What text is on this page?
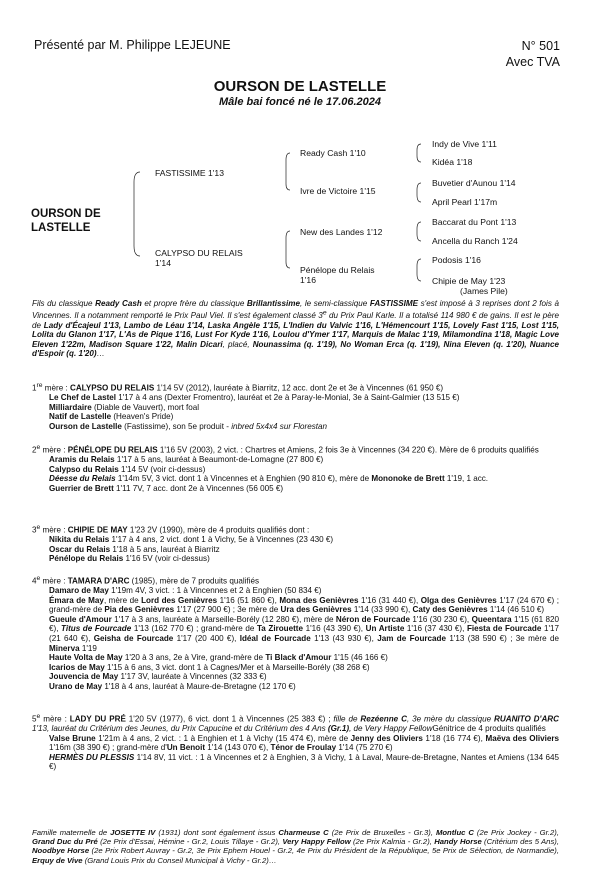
Présenté par M. Philippe LEJEUNE	N° 501
Avec TVA
OURSON DE LASTELLE
Mâle bai foncé né le 17.06.2024
OURSON DE
LASTELLE
FASTISSIME 1'13
CALYPSO DU RELAIS
1'14
Ready Cash 1'10
Ivre de Victoire 1'15
New des Landes 1'12
Pénélope du Relais
1'16
Indy de Vive 1'11
Kidéa 1'18
Buvetier d'Aunou 1'14
April Pearl 1'17m
Baccarat du Pont 1'13
Ancella du Ranch 1'24
Podosis 1'16
Chipie de May 1'23
(James Pile)

Fils du classique Ready Cash et propre frère du classique Brillantissime, le semi-classique FASTISSIME s'est imposé à 3 reprises dont 2 fois à Vincennes. Il a notamment remporté le Prix Paul Viel. Il s'est également classé 3e du Prix Paul Karle. Il a totalisé 114 980 € de gains. Il est le père de Lady d'Écajeul 1'13, Lambo de Léau 1'14, Laska Angèle 1'15, L'Indien du Valvic 1'16, L'Hémencourt 1'15, Lovely Fast 1'15, Lost 1'15, Lolita du Glanon 1'17, L'As de Pique 1'16, Lust For Kyde 1'16, Loulou d'Ymer 1'17, Marquis de Malac 1'19, Milamondina 1'18, Magic Love Eleven 1'22m, Madison Square 1'22, Malin Dicari, placé, Nounassima (q. 1'19), No Woman Erca (q. 1'19), Nina Eleven (q. 1'20), Nuance d'Espoir (q. 1'20)…

1re mère : CALYPSO DU RELAIS 1'14 5V (2012), lauréate à Biarritz, 12 acc. dont 2e et 3e à Vincennes (61 950 €)

Le Chef de Lastel 1'17 à 4 ans (Dexter Fromentro), lauréat et 2e à Paray-le-Monial, 3e à Saint-Galmier (13 515 €)

Milliardaire (Diable de Vauvert), mort foal

Natif de Lastelle (Heaven's Pride)

Ourson de Lastelle (Fastissime), son 5e produit - inbred 5x4x4 sur Florestan

2e mère : PÉNÉLOPE DU RELAIS 1'16 5V (2003), 2 vict. : Chartres et Amiens, 2 fois 3e à Vincennes (34 220 €). Mère de 6 produits qualifiés

Aramis du Relais 1'17 à 5 ans, lauréat à Beaumont-de-Lomagne (27 800 €)

Calypso du Relais 1'14 5V (voir ci-dessus)

Déesse du Relais 1'14m 5V, 3 vict. dont 1 à Vincennes et à Enghien (90 810 €), mère de Mononoke de Brett 1'19, 1 acc.

Guerrier de Brett 1'11 7V, 7 acc. dont 2e à Vincennes (56 005 €)

3e mère : CHIPIE DE MAY 1'23 2V (1990), mère de 4 produits qualifiés dont :

Nikita du Relais 1'17 à 4 ans, 2 vict. dont 1 à Vichy, 5e à Vincennes (23 430 €)

Oscar du Relais 1'18 à 5 ans, lauréat à Biarritz

Pénélope du Relais 1'16 5V (voir ci-dessus)

4e mère : TAMARA D'ARC (1985), mère de 7 produits qualifiés

Damaro de May 1'19m 4V, 3 vict. : 1 à Vincennes et 2 à Enghien (50 834 €)

Émara de May, mère de Lord des Genièvres 1'16 (51 860 €), Mona des Genièvres 1'16 (31 440 €), Olga des Genièvres 1'17 (24 670 €) ; grand-mère de Pia des Genièvres 1'17 (27 900 €) ; 3e mère de Ura des Genièvres 1'14 (33 990 €), Caty des Genièvres 1'14 (46 510 €)

Gueule d'Amour 1'17 à 3 ans, lauréate à Marseille-Borély (12 280 €), mère de Néron de Fourcade 1'16 (30 230 €), Queentara 1'15 (61 820 €), Titus de Fourcade 1'13 (162 770 €) ; grand-mère de Ta Zirouette 1'16 (43 390 €), Un Artiste 1'16 (37 430 €), Fiesta de Fourcade 1'17 (21 640 €), Geisha de Fourcade 1'17 (20 400 €), Idéal de Fourcade 1'13 (43 930 €), Jam de Fourcade 1'13 (38 590 €) ; 3e mère de Minerva 1'19

Haute Volta de May 1'20 à 3 ans, 2e à Vire, grand-mère de Ti Black d'Amour 1'15 (46 166 €)

Icarios de May 1'15 à 6 ans, 3 vict. dont 1 à Cagnes/Mer et à Marseille-Borély (38 268 €)

Jouvencia de May 1'17 3V, lauréate à Vincennes (32 333 €)

Urano de May 1'18 à 4 ans, lauréat à Maure-de-Bretagne (12 170 €)

5e mère : LADY DU PRÉ 1'20 5V (1977), 6 vict. dont 1 à Vincennes (25 383 €) ; fille de Rezéenne C, 3e mère du classique RUANITO D'ARC 1'13, lauréat du Critérium des Jeunes, du Prix Capucine et du Critérium des 4 Ans (Gr.1), de Very Happy FellowGénitrice de 4 produits qualifiés

Valse Brune 1'21m à 4 ans, 2 vict. : 1 à Enghien et 1 à Vichy (15 474 €), mère de Jenny des Oliviers 1'18 (16 774 €), Maëva des Oliviers 1'16m (38 390 €) ; grand-mère d'Un Benoit 1'14 (143 070 €), Ténor de Froulay 1'14 (75 270 €)

HERMÈS DU PLESSIS 1'14 8V, 11 vict. : 1 à Vincennes et 2 à Enghien, 3 à Vichy, 1 à Laval, Maure-de-Bretagne, Nantes et Amiens (134 645 €)

Famille maternelle de JOSETTE IV (1931) dont sont également issus Charmeuse C (2e Prix de Bruxelles - Gr.3), Montluc C (2e Prix Jockey - Gr.2), Grand Duc du Pré (2e Prix d'Essai, Hémine - Gr.2, Louis Tillaye - Gr.2), Very Happy Fellow (2e Prix Kalmia - Gr.2), Handy Horse (Critérium des 5 Ans), Noodbye Horse (2e Prix Robert Auvray - Gr.2, 3e Prix Ephem Houel - Gr.2, 4e Prix du Président de la République, 5e Prix de Sélection, de Normandie), Erquy de Vive (Grand Louis Prix du Conseil Municipal à Vichy - Gr.2)…
